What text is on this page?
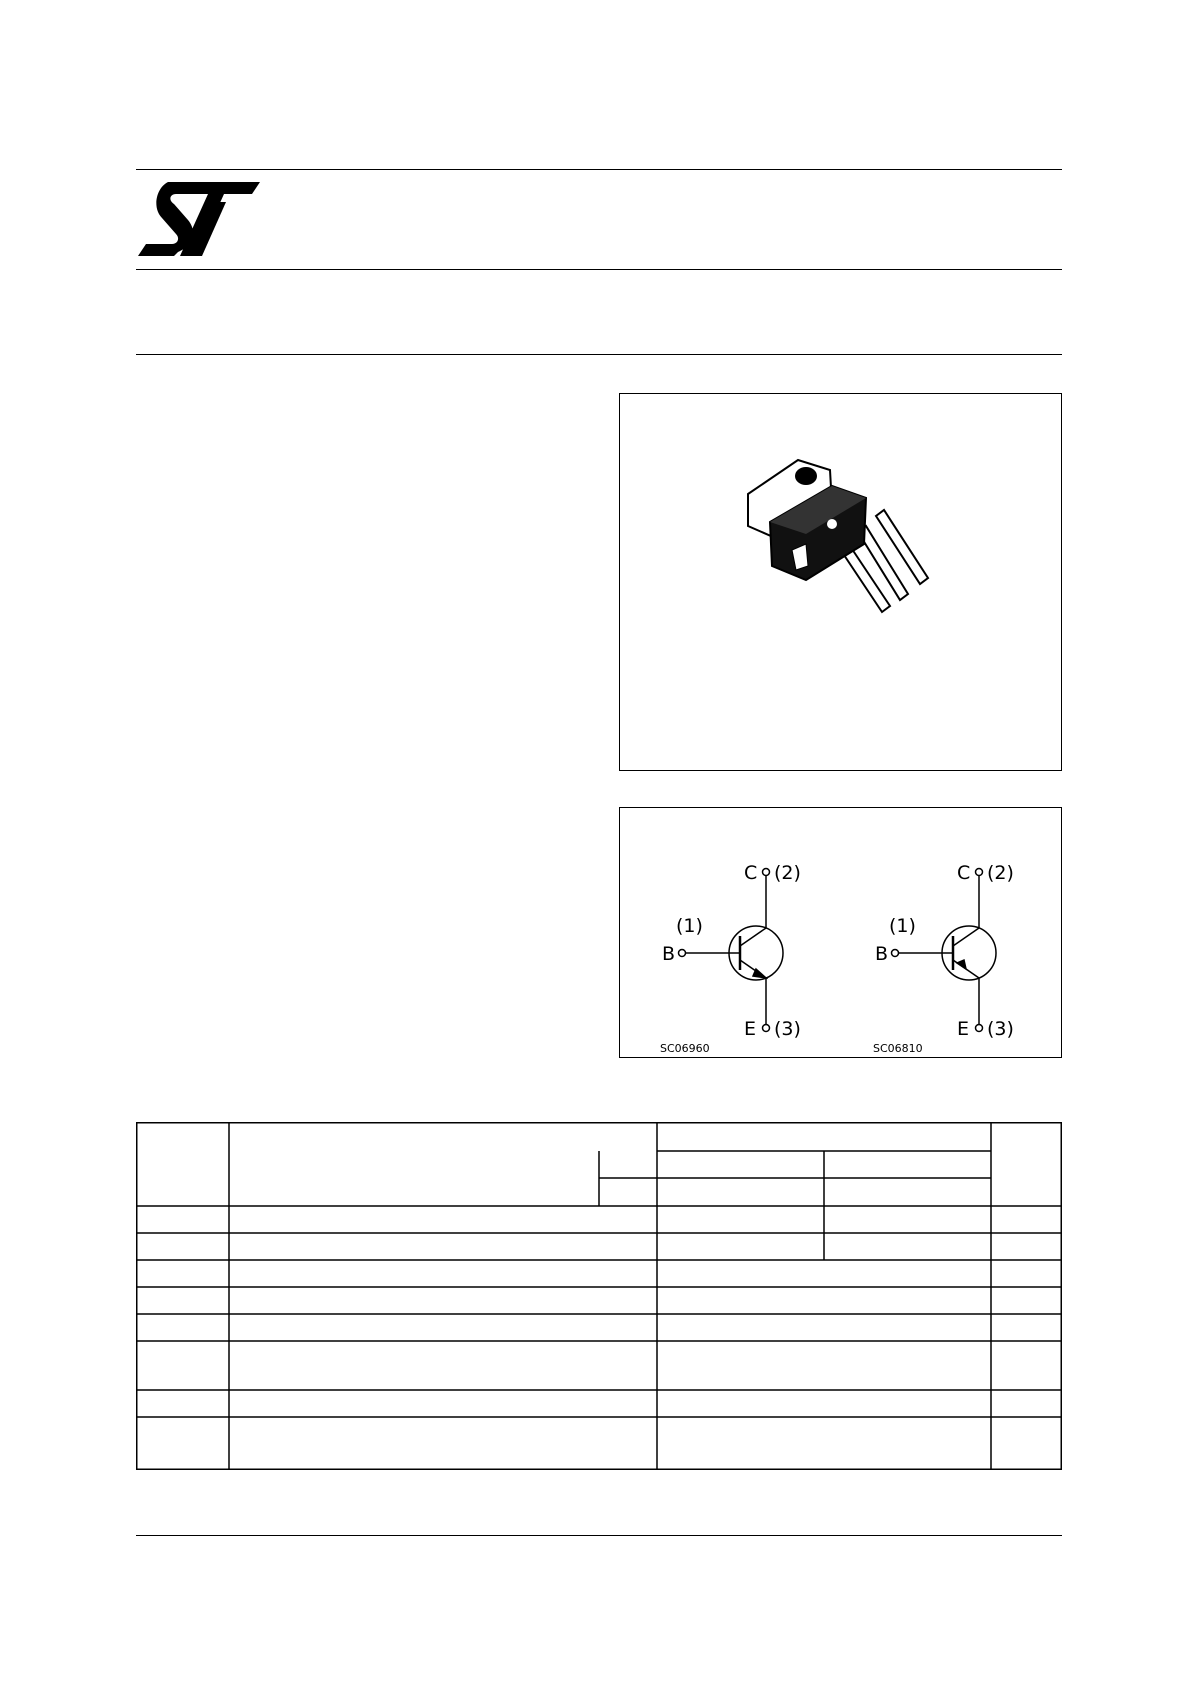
C (2)
(1)
B
E (3)
SC06960
C (2)
(1)
B
E (3)
SC06810
